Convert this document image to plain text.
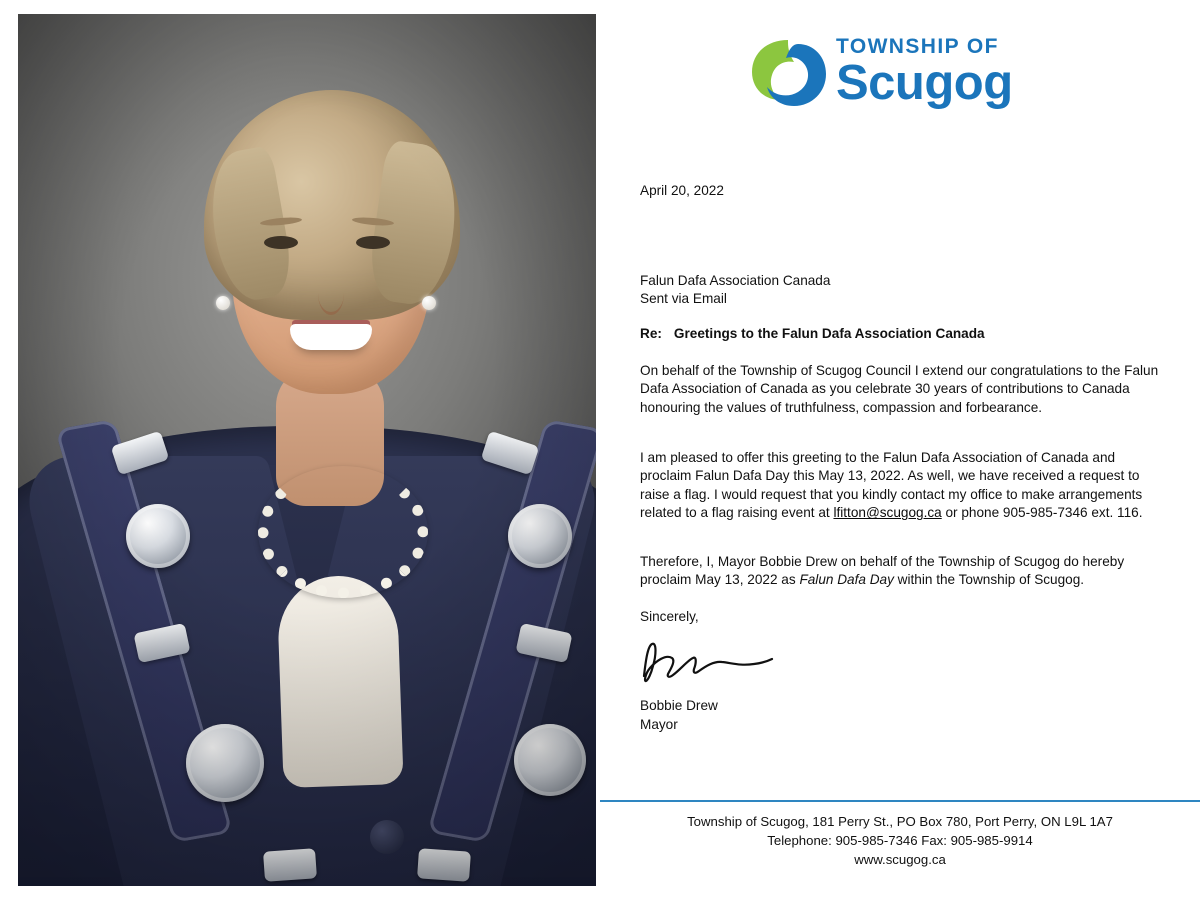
TOWNSHIP OF
Scugog
April 20, 2022
Falun Dafa Association Canada
Sent via Email
Re: Greetings to the Falun Dafa Association Canada
On behalf of the Township of Scugog Council I extend our congratulations to the Falun Dafa Association of Canada as you celebrate 30 years of contributions to Canada honouring the values of truthfulness, compassion and forbearance.
I am pleased to offer this greeting to the Falun Dafa Association of Canada and proclaim Falun Dafa Day this May 13, 2022. As well, we have received a request to raise a flag. I would request that you kindly contact my office to make arrangements related to a flag raising event at lfitton@scugog.ca or phone 905-985-7346 ext. 116.
Therefore, I, Mayor Bobbie Drew on behalf of the Township of Scugog do hereby proclaim May 13, 2022 as Falun Dafa Day within the Township of Scugog.
Sincerely,
Bobbie Drew
Mayor
Township of Scugog, 181 Perry St., PO Box 780, Port Perry, ON L9L 1A7
Telephone: 905-985-7346 Fax: 905-985-9914
www.scugog.ca
